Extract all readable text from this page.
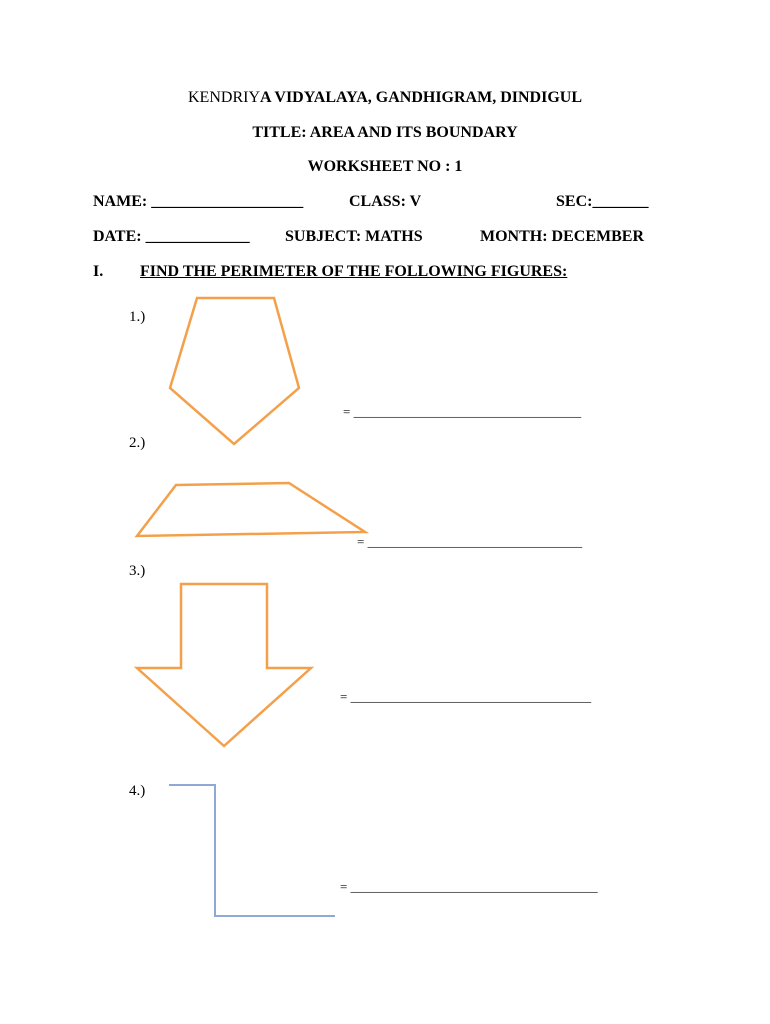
KENDRIYA VIDYALAYA, GANDHIGRAM, DINDIGUL
TITLE: AREA AND ITS BOUNDARY
WORKSHEET NO : 1
NAME: ___________________	CLASS: V	SEC:_______
DATE: _____________ SUBJECT: MATHS	MONTH: DECEMBER
I. FIND THE PERIMETER OF THE FOLLOWING FIGURES:
1.)
2.)
3.)
4.)
= ___________________________________
= _________________________________
= _____________________________________
= ______________________________________
